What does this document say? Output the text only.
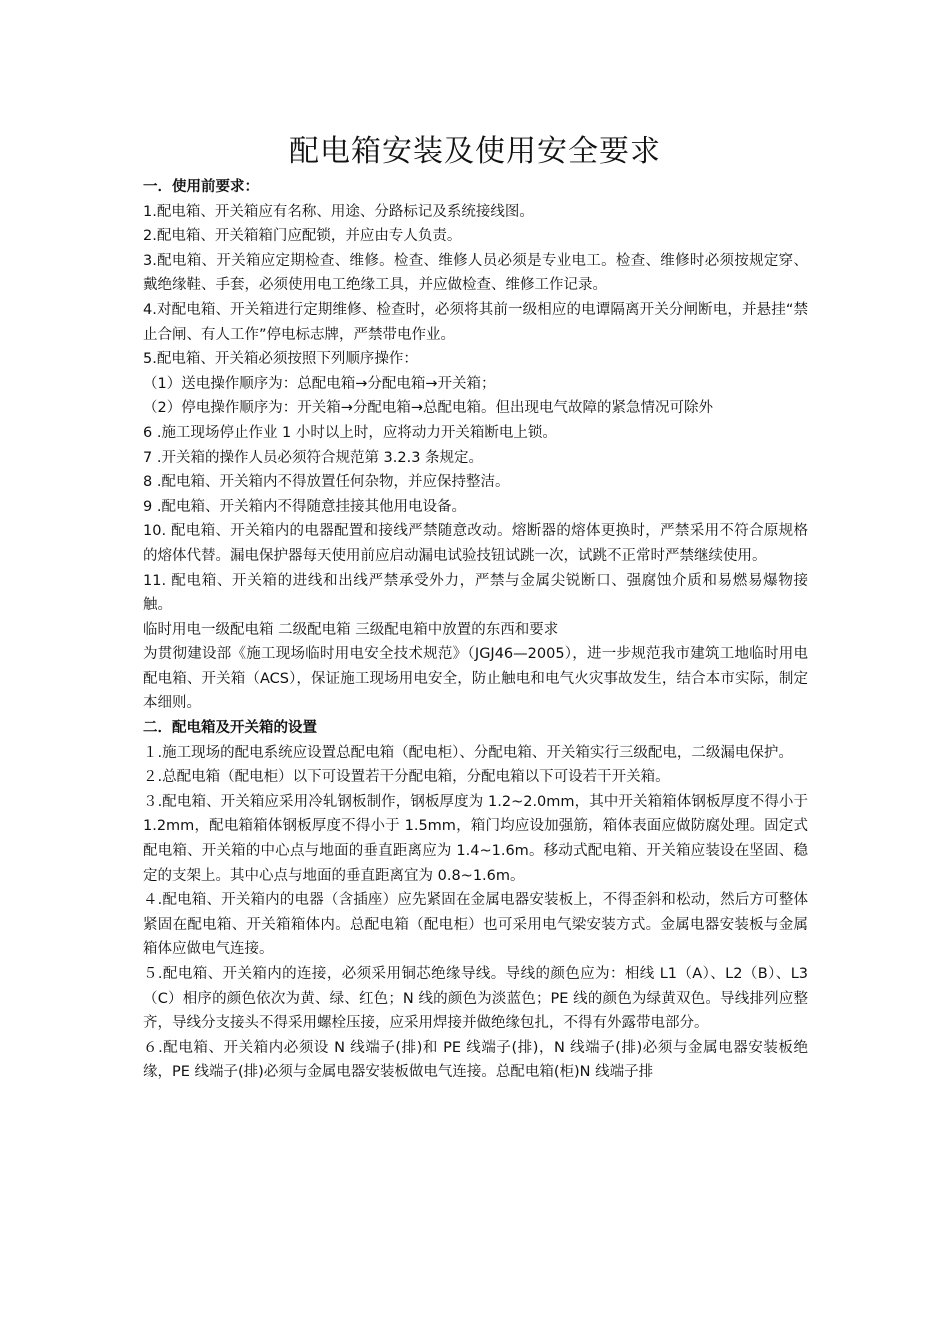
配电箱安装及使用安全要求

一．使用前要求：

1.配电箱、开关箱应有名称、用途、分路标记及系统接线图。

2.配电箱、开关箱箱门应配锁，并应由专人负责。

3.配电箱、开关箱应定期检查、维修。检查、维修人员必须是专业电工。检查、维修时必须按规定穿、戴绝缘鞋、手套，必须使用电工绝缘工具，并应做检查、维修工作记录。

4.对配电箱、开关箱进行定期维修、检查时，必须将其前一级相应的电谭隔离开关分闸断电，并悬挂“禁止合闸、有人工作”停电标志牌，严禁带电作业。

5.配电箱、开关箱必须按照下列顺序操作：

（1）送电操作顺序为：总配电箱→分配电箱→开关箱；

（2）停电操作顺序为：开关箱→分配电箱→总配电箱。但出现电气故障的紧急情况可除外

6 .施工现场停止作业 1 小时以上时，应将动力开关箱断电上锁。

7 .开关箱的操作人员必须符合规范第 3.2.3 条规定。

8 .配电箱、开关箱内不得放置任何杂物，并应保持整洁。

9 .配电箱、开关箱内不得随意挂接其他用电设备。

10. 配电箱、开关箱内的电器配置和接线严禁随意改动。熔断器的熔体更换时，严禁采用不符合原规格的熔体代替。漏电保护器每天使用前应启动漏电试验技钮试跳一次，试跳不正常时严禁继续使用。

11. 配电箱、开关箱的进线和出线严禁承受外力，严禁与金属尖锐断口、强腐蚀介质和易燃易爆物接触。

临时用电一级配电箱 二级配电箱 三级配电箱中放置的东西和要求

为贯彻建设部《施工现场临时用电安全技术规范》（JGJ46—2005），进一步规范我市建筑工地临时用电配电箱、开关箱（ACS），保证施工现场用电安全，防止触电和电气火灾事故发生，结合本市实际，制定本细则。

二．配电箱及开关箱的设置

１.施工现场的配电系统应设置总配电箱（配电柜）、分配电箱、开关箱实行三级配电，二级漏电保护。

２.总配电箱（配电柜）以下可设置若干分配电箱，分配电箱以下可设若干开关箱。

３.配电箱、开关箱应采用冷轧钢板制作，钢板厚度为 1.2~2.0mm，其中开关箱箱体钢板厚度不得小于 1.2mm，配电箱箱体钢板厚度不得小于 1.5mm，箱门均应设加强筋，箱体表面应做防腐处理。固定式配电箱、开关箱的中心点与地面的垂直距离应为 1.4~1.6m。移动式配电箱、开关箱应装设在坚固、稳定的支架上。其中心点与地面的垂直距离宜为 0.8~1.6m。

４.配电箱、开关箱内的电器（含插座）应先紧固在金属电器安装板上，不得歪斜和松动，然后方可整体紧固在配电箱、开关箱箱体内。总配电箱（配电柜）也可采用电气梁安装方式。金属电器安装板与金属箱体应做电气连接。

５.配电箱、开关箱内的连接，必须采用铜芯绝缘导线。导线的颜色应为：相线 L1（A）、L2（B）、L3（C）相序的颜色依次为黄、绿、红色；N 线的颜色为淡蓝色；PE 线的颜色为绿黄双色。导线排列应整齐，导线分支接头不得采用螺栓压接，应采用焊接并做绝缘包扎，不得有外露带电部分。

６.配电箱、开关箱内必须设 N 线端子(排)和 PE 线端子(排)，N 线端子(排)必须与金属电器安装板绝缘，PE 线端子(排)必须与金属电器安装板做电气连接。总配电箱(柜)N 线端子排
